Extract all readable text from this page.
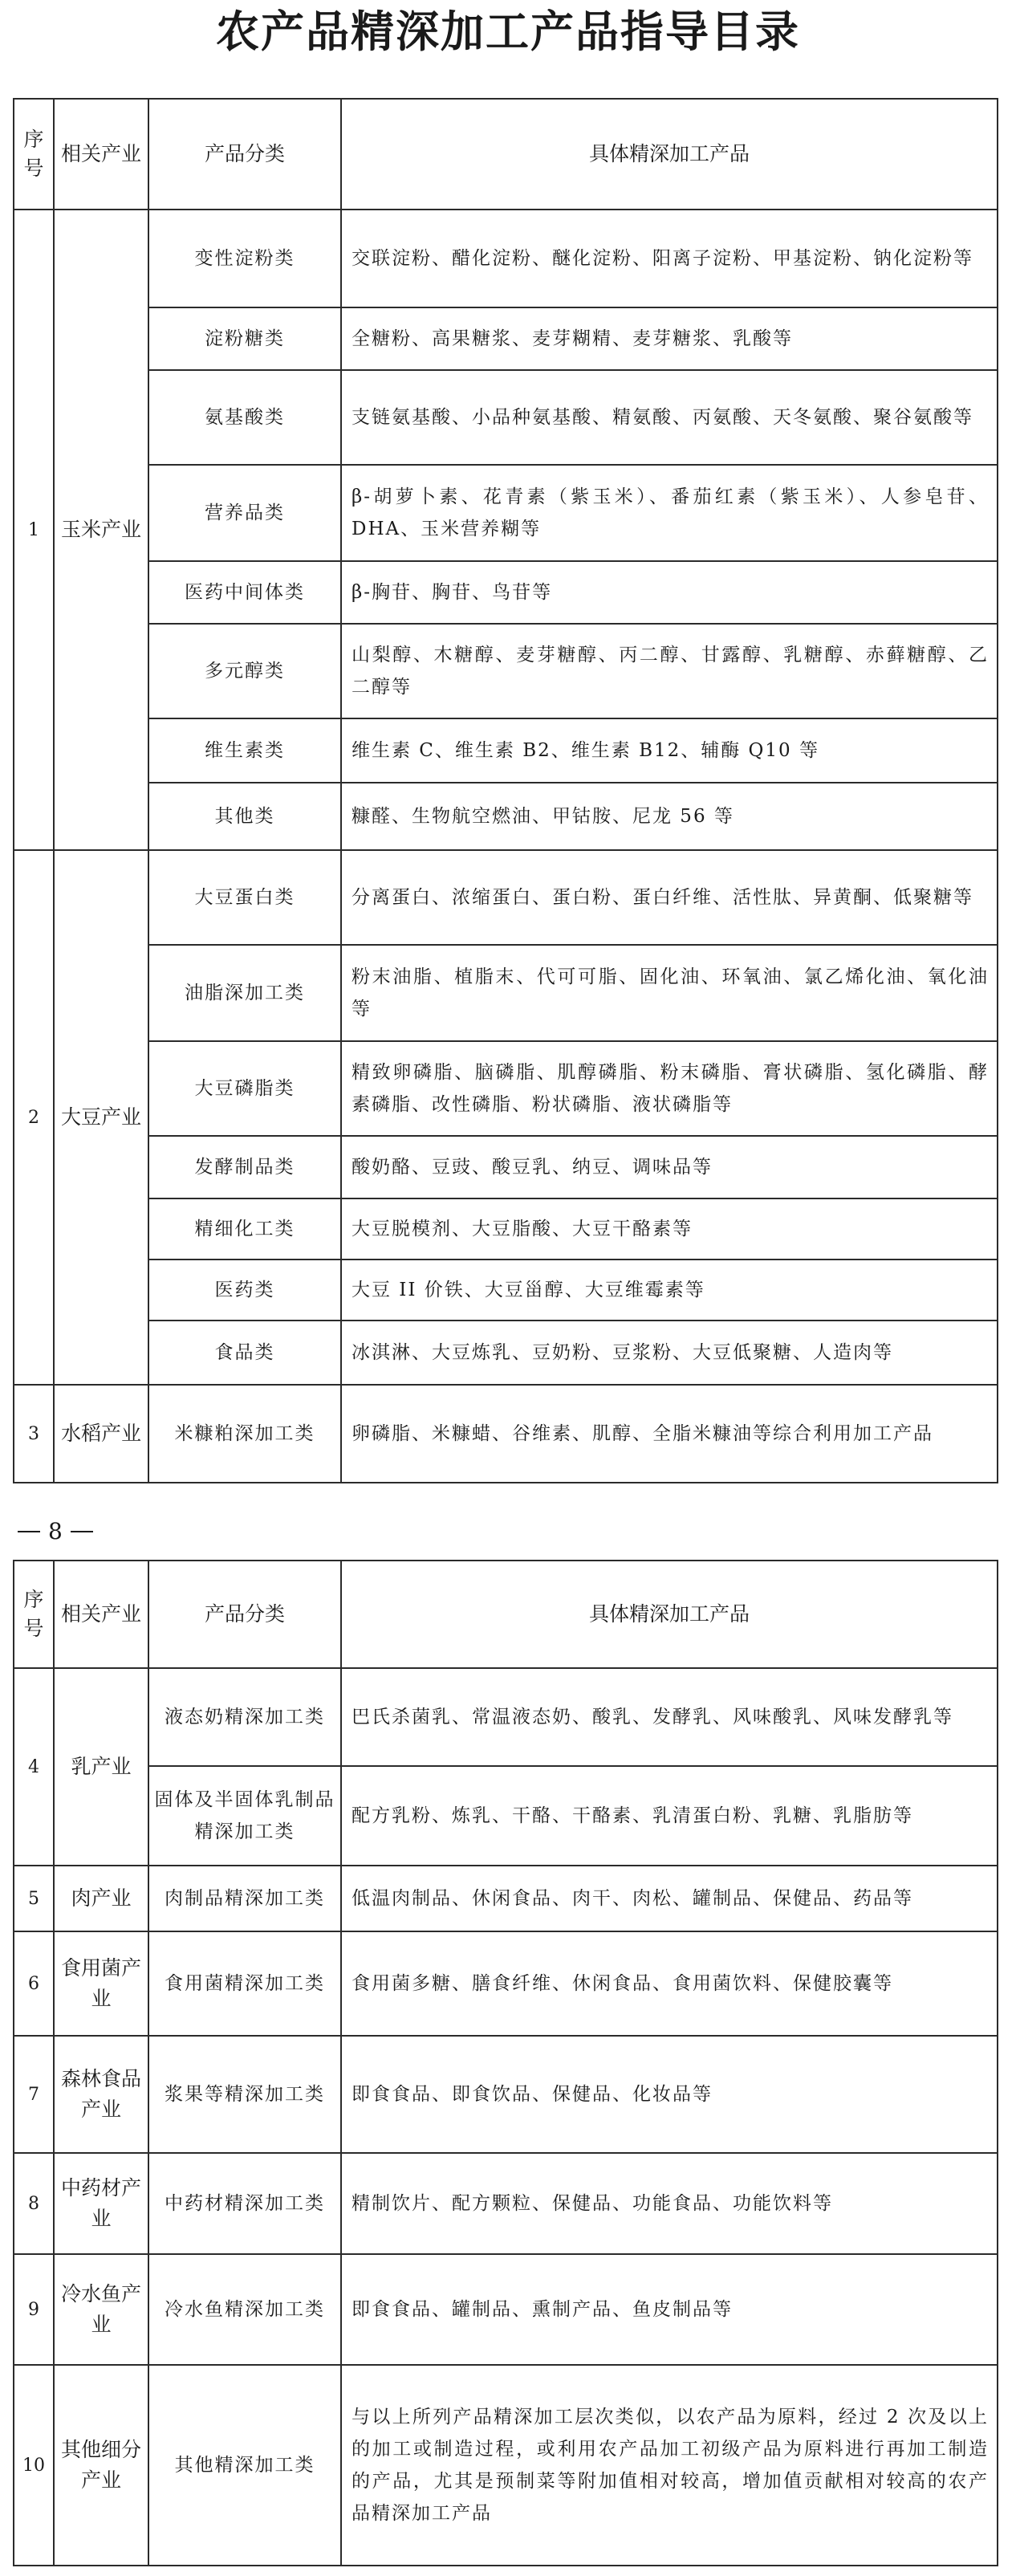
农产品精深加工产品指导目录
序号	相关产业	产品分类	具体精深加工产品
1	玉米产业	变性淀粉类	交联淀粉、醋化淀粉、醚化淀粉、阳离子淀粉、甲基淀粉、钠化淀粉等
		淀粉糖类	全糖粉、高果糖浆、麦芽糊精、麦芽糖浆、乳酸等
		氨基酸类	支链氨基酸、小品种氨基酸、精氨酸、丙氨酸、天冬氨酸、聚谷氨酸等
		营养品类	β-胡萝卜素、花青素（紫玉米）、番茄红素（紫玉米）、人参皂苷、DHA、玉米营养糊等
		医药中间体类	β-胸苷、胸苷、鸟苷等
		多元醇类	山梨醇、木糖醇、麦芽糖醇、丙二醇、甘露醇、乳糖醇、赤藓糖醇、乙二醇等
		维生素类	维生素 C、维生素 B2、维生素 B12、辅酶 Q10 等
		其他类	糠醛、生物航空燃油、甲钴胺、尼龙 56 等
2	大豆产业	大豆蛋白类	分离蛋白、浓缩蛋白、蛋白粉、蛋白纤维、活性肽、异黄酮、低聚糖等
		油脂深加工类	粉末油脂、植脂末、代可可脂、固化油、环氧油、氯乙烯化油、氧化油等
		大豆磷脂类	精致卵磷脂、脑磷脂、肌醇磷脂、粉末磷脂、膏状磷脂、氢化磷脂、酵素磷脂、改性磷脂、粉状磷脂、液状磷脂等
		发酵制品类	酸奶酪、豆豉、酸豆乳、纳豆、调味品等
		精细化工类	大豆脱模剂、大豆脂酸、大豆干酪素等
		医药类	大豆 II 价铁、大豆甾醇、大豆维霉素等
		食品类	冰淇淋、大豆炼乳、豆奶粉、豆浆粉、大豆低聚糖、人造肉等
3	水稻产业	米糠粕深加工类	卵磷脂、米糠蜡、谷维素、肌醇、全脂米糠油等综合利用加工产品
8
序号	相关产业	产品分类	具体精深加工产品
4	乳产业	液态奶精深加工类	巴氏杀菌乳、常温液态奶、酸乳、发酵乳、风味酸乳、风味发酵乳等
		固体及半固体乳制品精深加工类	配方乳粉、炼乳、干酪、干酪素、乳清蛋白粉、乳糖、乳脂肪等
5	肉产业	肉制品精深加工类	低温肉制品、休闲食品、肉干、肉松、罐制品、保健品、药品等
6	食用菌产业	食用菌精深加工类	食用菌多糖、膳食纤维、休闲食品、食用菌饮料、保健胶囊等
7	森林食品产业	浆果等精深加工类	即食食品、即食饮品、保健品、化妆品等
8	中药材产业	中药材精深加工类	精制饮片、配方颗粒、保健品、功能食品、功能饮料等
9	冷水鱼产业	冷水鱼精深加工类	即食食品、罐制品、熏制产品、鱼皮制品等
10	其他细分产业	其他精深加工类	与以上所列产品精深加工层次类似，以农产品为原料，经过 2 次及以上的加工或制造过程，或利用农产品加工初级产品为原料进行再加工制造的产品，尤其是预制菜等附加值相对较高，增加值贡献相对较高的农产品精深加工产品
